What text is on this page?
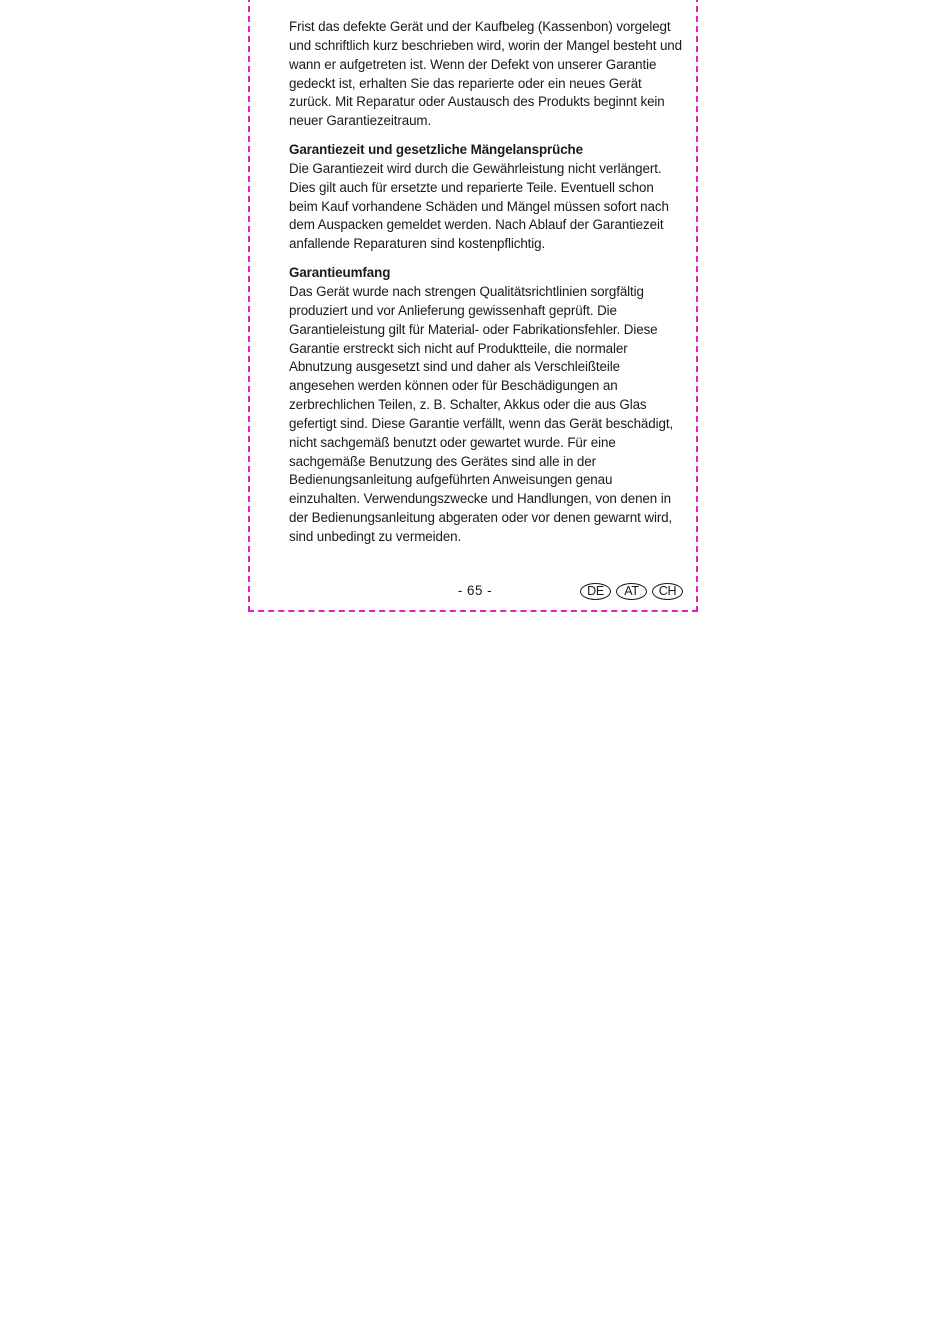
Frist das defekte Gerät und der Kaufbeleg (Kassenbon) vorgelegt und schriftlich kurz beschrieben wird, worin der Mangel besteht und wann er aufgetreten ist. Wenn der Defekt von unserer Garantie gedeckt ist, erhalten Sie das reparierte oder ein neues Gerät zurück. Mit Reparatur oder Austausch des Produkts beginnt kein neuer Garantiezeitraum.

Garantiezeit und gesetzliche Mängelansprüche

Die Garantiezeit wird durch die Gewährleistung nicht verlängert. Dies gilt auch für ersetzte und reparierte Teile. Eventuell schon beim Kauf vorhandene Schäden und Mängel müssen sofort nach dem Auspacken gemeldet werden. Nach Ablauf der Garantiezeit anfallende Reparaturen sind kostenpflichtig.

Garantieumfang

Das Gerät wurde nach strengen Qualitätsrichtlinien sorgfältig produziert und vor Anlieferung gewissenhaft geprüft. Die Garantieleistung gilt für Material- oder Fabrikationsfehler. Diese Garantie erstreckt sich nicht auf Produktteile, die normaler Abnutzung ausgesetzt sind und daher als Verschleißteile angesehen werden können oder für Beschädigungen an zerbrechlichen Teilen, z. B. Schalter, Akkus oder die aus Glas gefertigt sind. Diese Garantie verfällt, wenn das Gerät beschädigt, nicht sachgemäß benutzt oder gewartet wurde. Für eine sachgemäße Benutzung des Gerätes sind alle in der Bedienungsanleitung aufgeführten Anweisungen genau einzuhalten. Verwendungszwecke und Handlungen, von denen in der Bedienungsanleitung abgeraten oder vor denen gewarnt wird, sind unbedingt zu vermeiden.

- 65 -	DE	AT	CH
